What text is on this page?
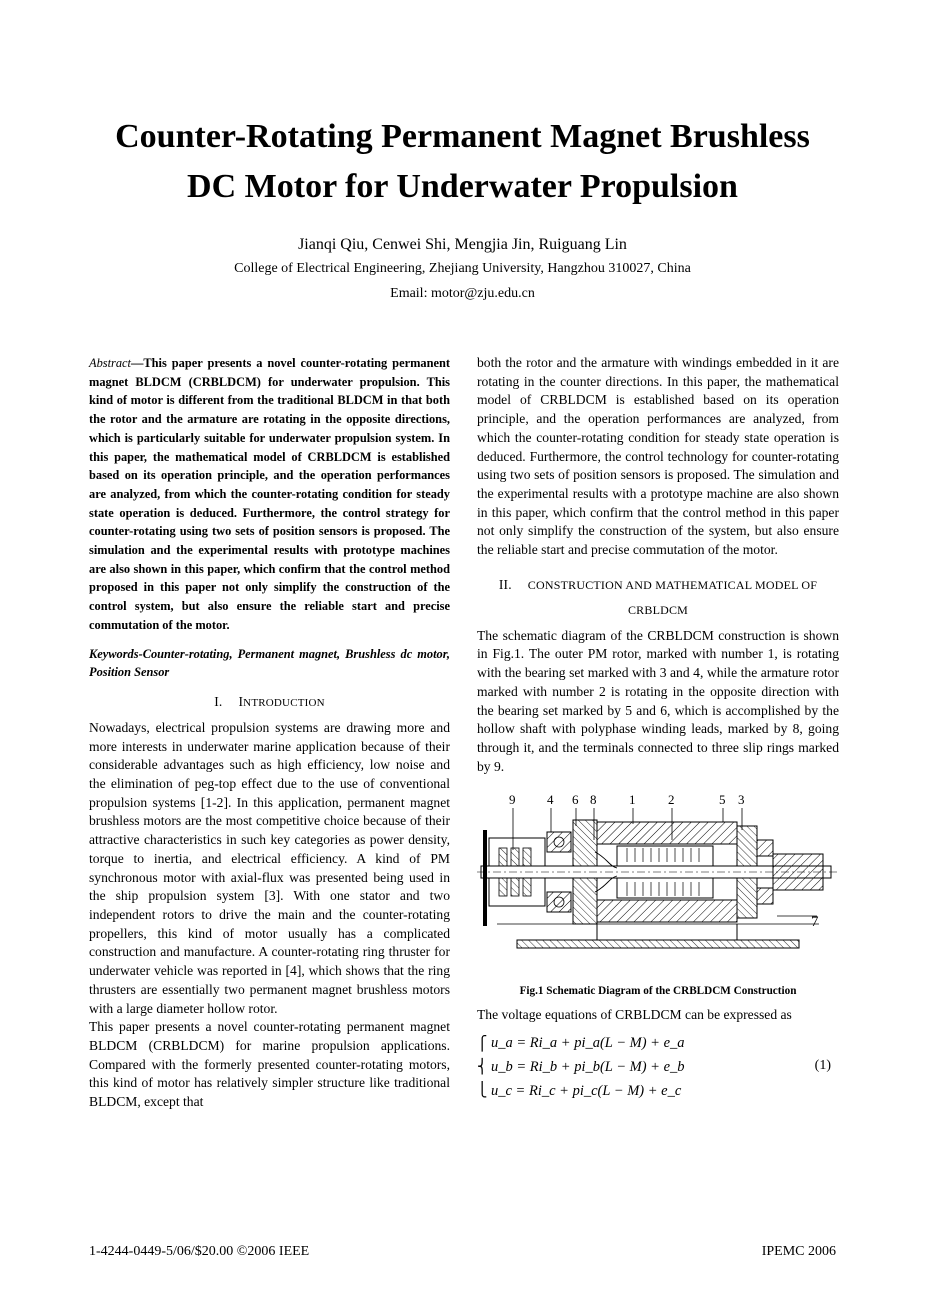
Counter-Rotating Permanent Magnet Brushless
DC Motor for Underwater Propulsion
Jianqi Qiu, Cenwei Shi, Mengjia Jin, Ruiguang Lin
College of Electrical Engineering, Zhejiang University, Hangzhou 310027, China
Email: motor@zju.edu.cn

Abstract—This paper presents a novel counter-rotating permanent magnet BLDCM (CRBLDCM) for underwater propulsion. This kind of motor is different from the traditional BLDCM in that both the rotor and the armature are rotating in the opposite directions, which is particularly suitable for underwater propulsion system. In this paper, the mathematical model of CRBLDCM is established based on its operation principle, and the operation performances are analyzed, from which the counter-rotating condition for steady state operation is deduced. Furthermore, the control strategy for counter-rotating using two sets of position sensors is proposed. The simulation and the experimental results with prototype machines are also shown in this paper, which confirm that the control method proposed in this paper not only simplify the construction of the control system, but also ensure the reliable start and precise commutation of the motor.

Keywords-Counter-rotating, Permanent magnet, Brushless dc motor, Position Sensor

I. INTRODUCTION

Nowadays, electrical propulsion systems are drawing more and more interests in underwater marine application because of their considerable advantages such as high efficiency, low noise and the elimination of peg-top effect due to the use of conventional propulsion systems [1-2]. In this application, permanent magnet brushless motors are the most competitive choice because of their attractive characteristics in such key categories as power density, torque to inertia, and electrical efficiency. A kind of PM synchronous motor with axial-flux was presented being used in the ship propulsion system [3]. With one stator and two independent rotors to drive the main and the counter-rotating propellers, this kind of motor usually has a complicated construction and manufacture. A counter-rotating ring thruster for underwater vehicle was reported in [4], which shows that the ring thrusters are essentially two permanent magnet brushless motors with a large diameter hollow rotor.

This paper presents a novel counter-rotating permanent magnet BLDCM (CRBLDCM) for marine propulsion applications. Compared with the formerly presented counter-rotating motors, this kind of motor has relatively simpler structure like traditional BLDCM, except that

both the rotor and the armature with windings embedded in it are rotating in the counter directions. In this paper, the mathematical model of CRBLDCM is established based on its operation principle, and the operation performances are analyzed, from which the counter-rotating condition for steady state operation is deduced. Furthermore, the control technology for counter-rotating using two sets of position sensors is proposed. The simulation and the experimental results with a prototype machine are also shown in this paper, which confirm that the control method in this paper not only simplify the construction of the system, but also ensure the reliable start and precise commutation of the motor.

II. CONSTRUCTION AND MATHEMATICAL MODEL OF
CRBLDCM

The schematic diagram of the CRBLDCM construction is shown in Fig.1. The outer PM rotor, marked with number 1, is rotating with the bearing set marked with 3 and 4, while the armature rotor marked with number 2 is rotating in the opposite direction with the bearing set marked by 5 and 6, which is accomplished by the hollow shaft with polyphase winding leads, marked by 8, going through it, and the terminals connected to three slip rings marked by 9.

9 4 6 8	1	2	5 3
7
Fig.1 Schematic Diagram of the CRBLDCM Construction

The voltage equations of CRBLDCM can be expressed as

⎧
⎨
⎩
u_a = Ri_a + pi_a(L − M) + e_a
u_b = Ri_b + pi_b(L − M) + e_b
u_c = Ri_c + pi_c(L − M) + e_c
(1)
1-4244-0449-5/06/$20.00 ©2006 IEEE	IPEMC 2006
